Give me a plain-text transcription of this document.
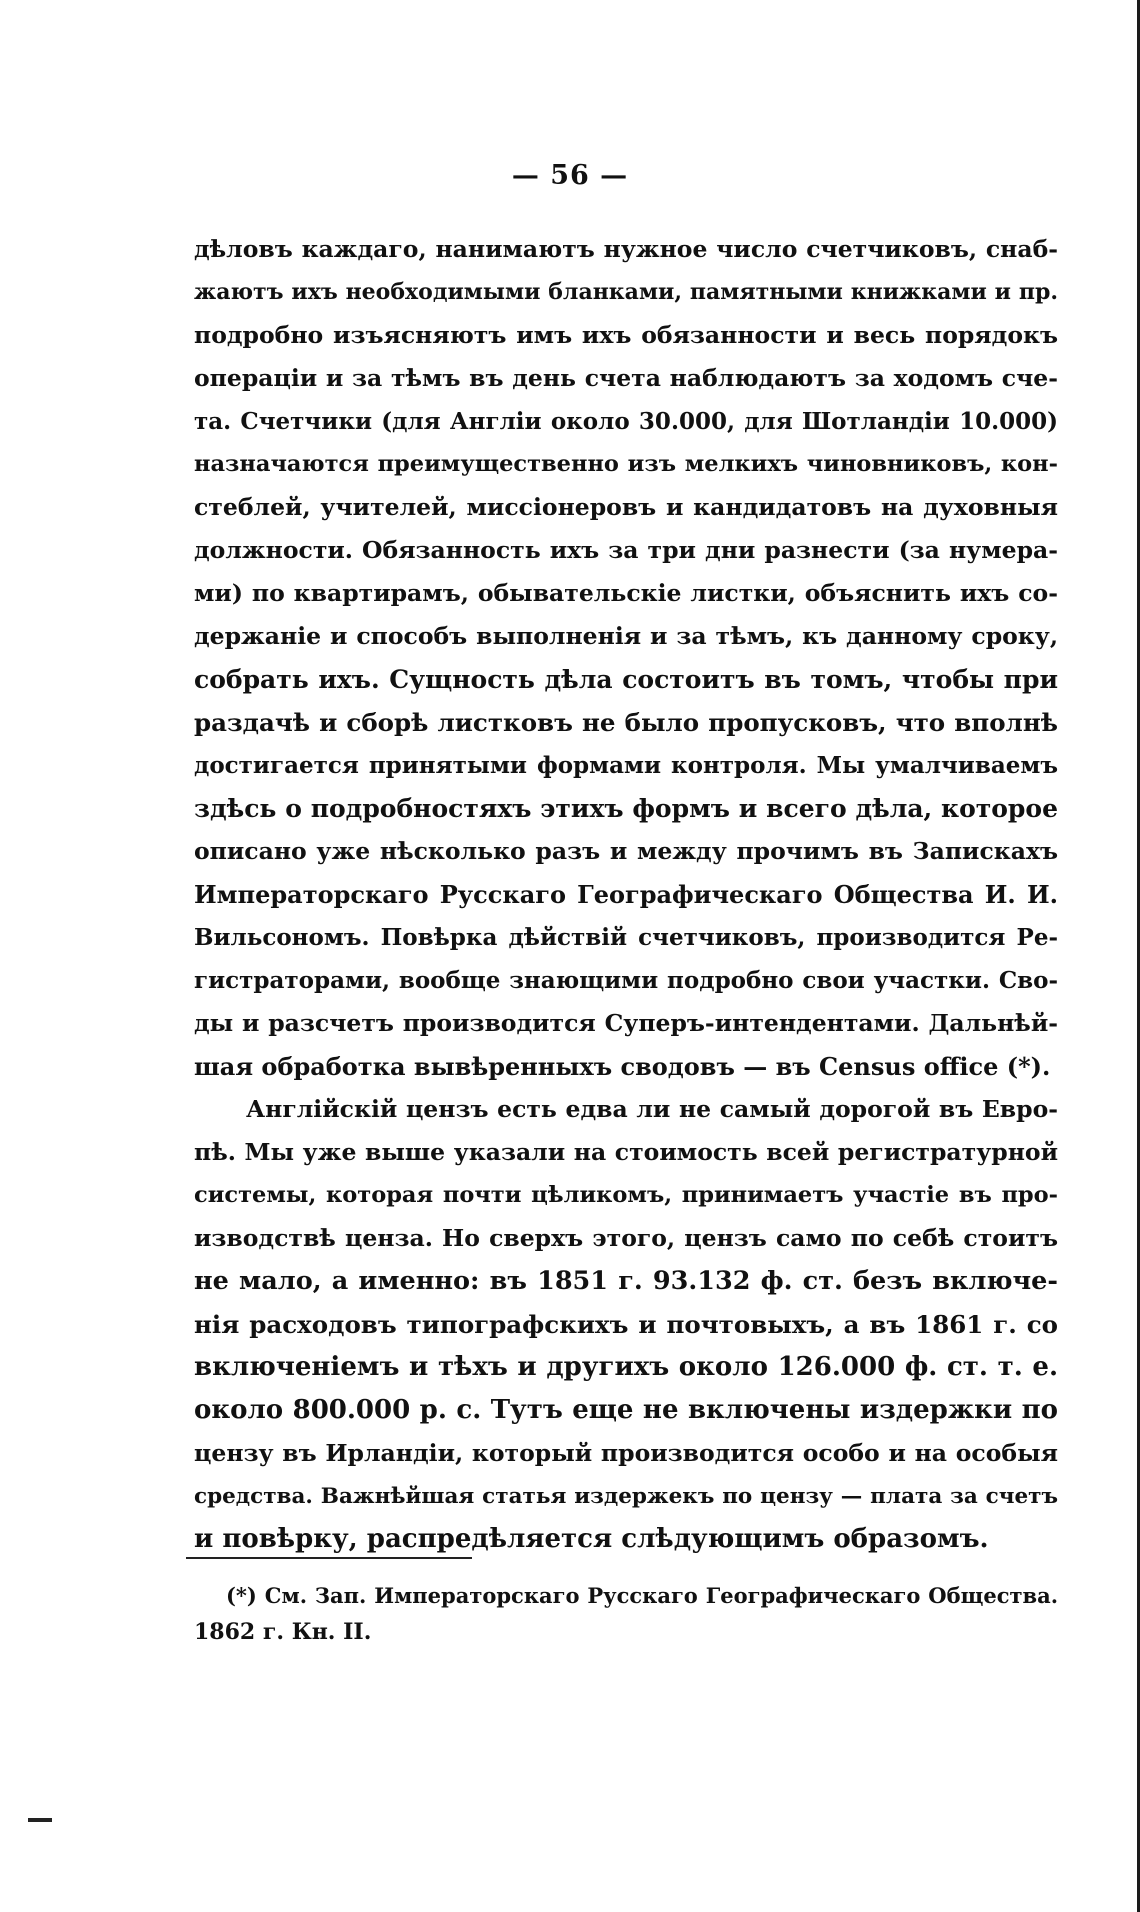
— 56 —
дѣловъ каждаго, нанимаютъ нужное число счетчиковъ, снаб-
жаютъ ихъ необходимыми бланками, памятными книжками и пр.
подробно изъясняютъ имъ ихъ обязанности и весь порядокъ
операціи и за тѣмъ въ день счета наблюдаютъ за ходомъ сче-
та. Счетчики (для Англіи около 30.000, для Шотландіи 10.000)
назначаются преимущественно изъ мелкихъ чиновниковъ, кон-
стеблей, учителей, миссіонеровъ и кандидатовъ на духовныя
должности. Обязанность ихъ за три дни разнести (за нумера-
ми) по квартирамъ, обывательскіе листки, объяснить ихъ со-
держаніе и способъ выполненія и за тѣмъ, къ данному сроку,
собрать ихъ. Сущность дѣла состоитъ въ томъ, чтобы при
раздачѣ и сборѣ листковъ не было пропусковъ, что вполнѣ
достигается принятыми формами контроля. Мы умалчиваемъ
здѣсь о подробностяхъ этихъ формъ и всего дѣла, которое
описано уже нѣсколько разъ и между прочимъ въ Запискахъ
Императорскаго Русскаго Географическаго Общества И. И.
Вильсономъ. Повѣрка дѣйствій счетчиковъ, производится Ре-
гистраторами, вообще знающими подробно свои участки. Сво-
ды и разсчетъ производится Суперъ-интендентами. Дальнѣй-
шая обработка вывѣренныхъ сводовъ — въ Census office (*).
Англійскій цензъ есть едва ли не самый дорогой въ Евро-
пѣ. Мы уже выше указали на стоимость всей регистратурной
системы, которая почти цѣликомъ, принимаетъ участіе въ про-
изводствѣ ценза. Но сверхъ этого, цензъ само по себѣ стоитъ
не мало, а именно: въ 1851 г. 93.132 ф. ст. безъ включе-
нія расходовъ типографскихъ и почтовыхъ, а въ 1861 г. со
включеніемъ и тѣхъ и другихъ около 126.000 ф. ст. т. е.
около 800.000 р. с. Тутъ еще не включены издержки по
цензу въ Ирландіи, который производится особо и на особыя
средства. Важнѣйшая статья издержекъ по цензу — плата за счетъ
и повѣрку, распредѣляется слѣдующимъ образомъ.
(*) См. Зап. Императорскаго Русскаго Географическаго Общества.
1862 г. Кн. II.
